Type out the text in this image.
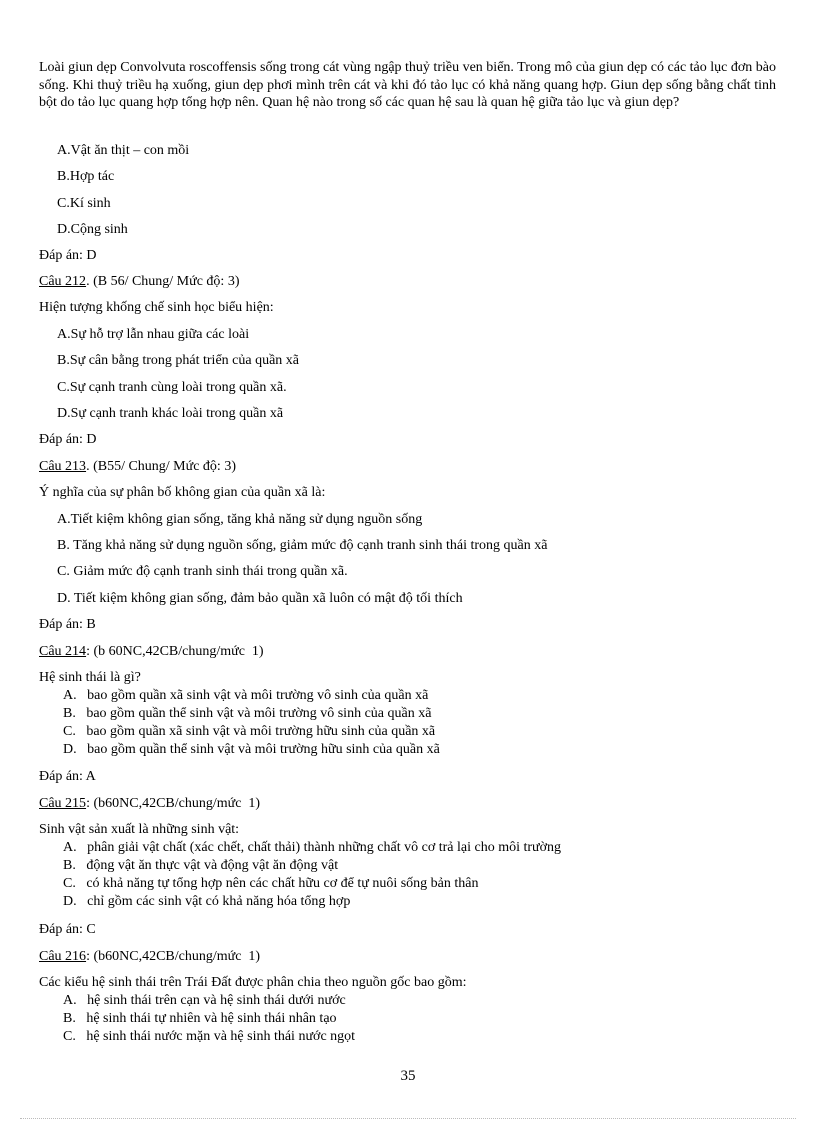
Loài giun dẹp Convolvuta roscoffensis sống trong cát vùng ngập thuỷ triều ven biển. Trong mô của giun dẹp có các tảo lục đơn bào sống. Khi thuỷ triều hạ xuống, giun dẹp phơi mình trên cát và khi đó tảo lục có khả năng quang hợp. Giun dẹp sống bằng chất tinh bột do tảo lục quang hợp tổng hợp nên. Quan hệ nào trong số các quan hệ sau là quan hệ giữa tảo lục và giun dẹp?
A.Vật ăn thịt – con mồi
B.Hợp tác
C.Kí sinh
D.Cộng sinh
Đáp án: D
Câu 212. (B 56/ Chung/ Mức độ: 3)
Hiện tượng khống chế sinh học biểu hiện:
A.Sự hỗ trợ lẫn nhau giữa các loài
B.Sự cân bằng trong phát triển của quần xã
C.Sự cạnh tranh cùng loài trong quần xã.
D.Sự cạnh tranh khác loài trong quần xã
Đáp án: D
Câu 213. (B55/ Chung/ Mức độ: 3)
Ý nghĩa của sự phân bố không gian của quần xã là:
A.Tiết kiệm không gian sống, tăng khả năng sử dụng nguồn sống
B. Tăng khả năng sử dụng nguồn sống, giảm mức độ cạnh tranh sinh thái trong quần xã
C. Giảm mức độ cạnh tranh sinh thái trong quần xã.
D. Tiết kiệm không gian sống, đảm bảo quần xã luôn có mật độ tối thích
Đáp án: B
Câu 214: (b 60NC,42CB/chung/mức  1)
Hệ sinh thái là gì?
A.   bao gồm quần xã sinh vật và môi trường vô sinh của quần xã
B.   bao gồm quần thể sinh vật và môi trường vô sinh của quần xã
C.   bao gồm quần xã sinh vật và môi trường hữu sinh của quần xã
D.   bao gồm quần thể sinh vật và môi trường hữu sinh của quần xã
Đáp án: A
Câu 215: (b60NC,42CB/chung/mức  1)
Sinh vật sản xuất là những sinh vật:
A.   phân giải vật chất (xác chết, chất thải) thành những chất vô cơ trả lại cho môi trường
B.   động vật ăn thực vật và động vật ăn động vật
C.   có khả năng tự tổng hợp nên các chất hữu cơ để tự nuôi sống bản thân
D.   chỉ gồm các sinh vật có khả năng hóa tổng hợp
Đáp án: C
Câu 216: (b60NC,42CB/chung/mức  1)
Các kiểu hệ sinh thái trên Trái Đất được phân chia theo nguồn gốc bao gồm:
A.   hệ sinh thái trên cạn và hệ sinh thái dưới nước
B.   hệ sinh thái tự nhiên và hệ sinh thái nhân tạo
C.   hệ sinh thái nước mặn và hệ sinh thái nước ngọt
35
